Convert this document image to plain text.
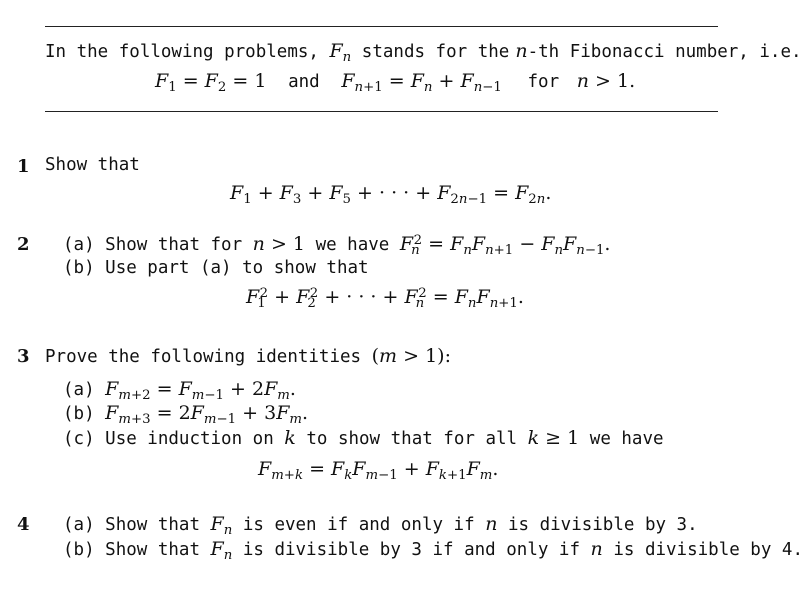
In the following problems, $F_n$ stands for the n-th Fibonacci number, i.e.
$F_1 = F_2 = 1$ and $F_{n+1} = F_n + F_{n-1}$ for n > 1.
1 Show that
$F_1 + F_3 + F_5$ + · · · + $F_{2n-1} = F_{2n}$.
2 (a) Show that for n > 1 we have $F_n^2 = F_nF_{n+1} - F_nF_{n-1}$.
(b) Use part (a) to show that
$F_1^2 + F_2^2$ + · · · + $F_n^2 = F_nF_{n+1}$.
3 Prove the following identities (m > 1):
(a) $F_{m+2} = F_{m-1} + 2F_m$.
(b) $F_{m+3} = 2F_{m-1} + 3F_m$.
(c) Use induction on k to show that for all k ≥ 1 we have
$F_{m+k} = F_kF_{m-1} + F_{k+1}F_m$.
4 (a) Show that $F_n$ is even if and only if n is divisible by 3.
(b) Show that $F_n$ is divisible by 3 if and only if n is divisible by 4.
